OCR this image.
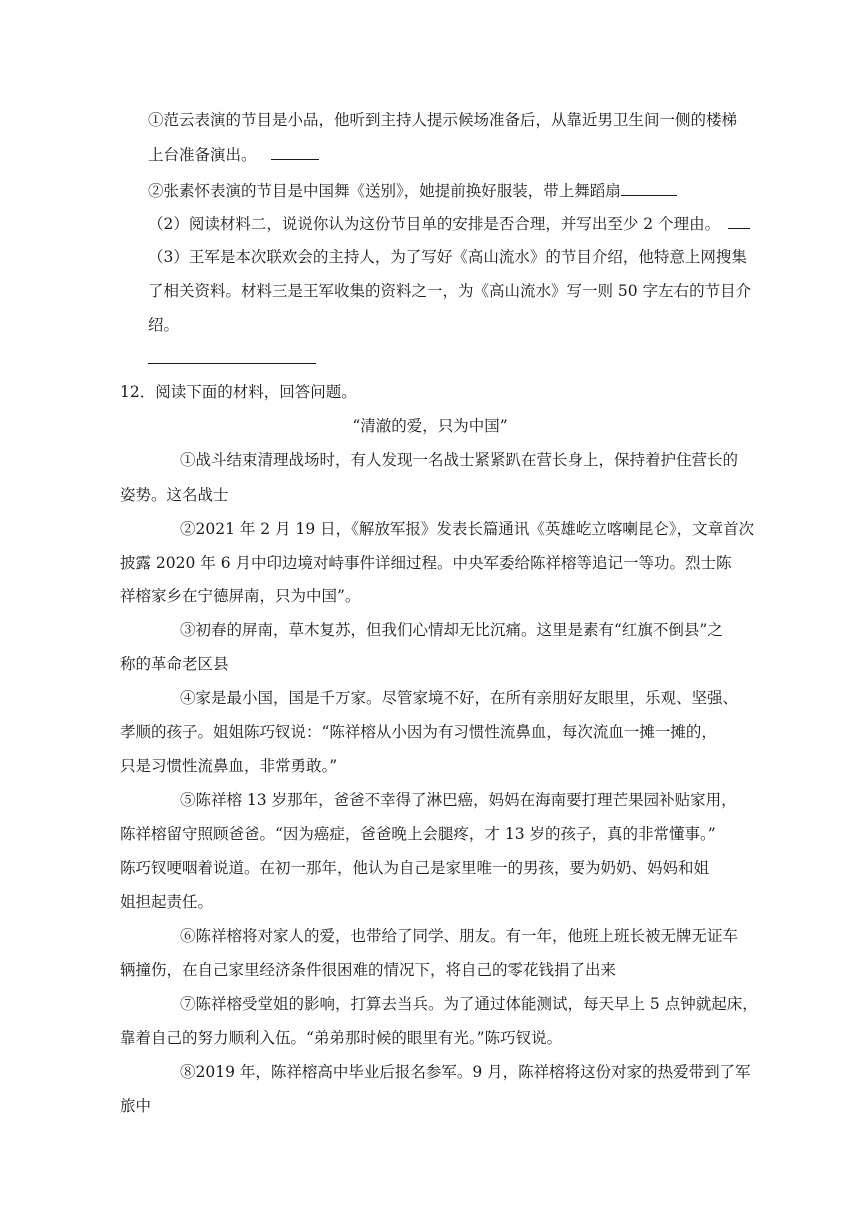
①范云表演的节目是小品，他听到主持人提示候场准备后，从靠近男卫生间一侧的楼梯
上台准备演出。
②张素怀表演的节目是中国舞《送别》，她提前换好服装，带上舞蹈扇
（2）阅读材料二，说说你认为这份节目单的安排是否合理，并写出至少 2 个理由。
（3）王军是本次联欢会的主持人，为了写好《高山流水》的节目介绍，他特意上网搜集
了相关资料。材料三是王军收集的资料之一，为《高山流水》写一则 50 字左右的节目介
绍。
12．阅读下面的材料，回答问题。
“清澈的爱，只为中国”
①战斗结束清理战场时，有人发现一名战士紧紧趴在营长身上，保持着护住营长的
姿势。这名战士
②2021 年 2 月 19 日，《解放军报》发表长篇通讯《英雄屹立喀喇昆仑》，文章首次
披露 2020 年 6 月中印边境对峙事件详细过程。中央军委给陈祥榕等追记一等功。烈士陈
祥榕家乡在宁德屏南，只为中国”。
③初春的屏南，草木复苏，但我们心情却无比沉痛。这里是素有“红旗不倒县”之
称的革命老区县
④家是最小国，国是千万家。尽管家境不好，在所有亲朋好友眼里，乐观、坚强、
孝顺的孩子。姐姐陈巧钗说：“陈祥榕从小因为有习惯性流鼻血，每次流血一摊一摊的，
只是习惯性流鼻血，非常勇敢。”
⑤陈祥榕 13 岁那年，爸爸不幸得了淋巴癌，妈妈在海南要打理芒果园补贴家用，
陈祥榕留守照顾爸爸。“因为癌症，爸爸晚上会腿疼，才 13 岁的孩子，真的非常懂事。”
陈巧钗哽咽着说道。在初一那年，他认为自己是家里唯一的男孩，要为奶奶、妈妈和姐
姐担起责任。
⑥陈祥榕将对家人的爱，也带给了同学、朋友。有一年，他班上班长被无牌无证车
辆撞伤，在自己家里经济条件很困难的情况下，将自己的零花钱捐了出来
⑦陈祥榕受堂姐的影响，打算去当兵。为了通过体能测试，每天早上 5 点钟就起床，
靠着自己的努力顺利入伍。“弟弟那时候的眼里有光。”陈巧钗说。
⑧2019 年，陈祥榕高中毕业后报名参军。9 月，陈祥榕将这份对家的热爱带到了军
旅中
